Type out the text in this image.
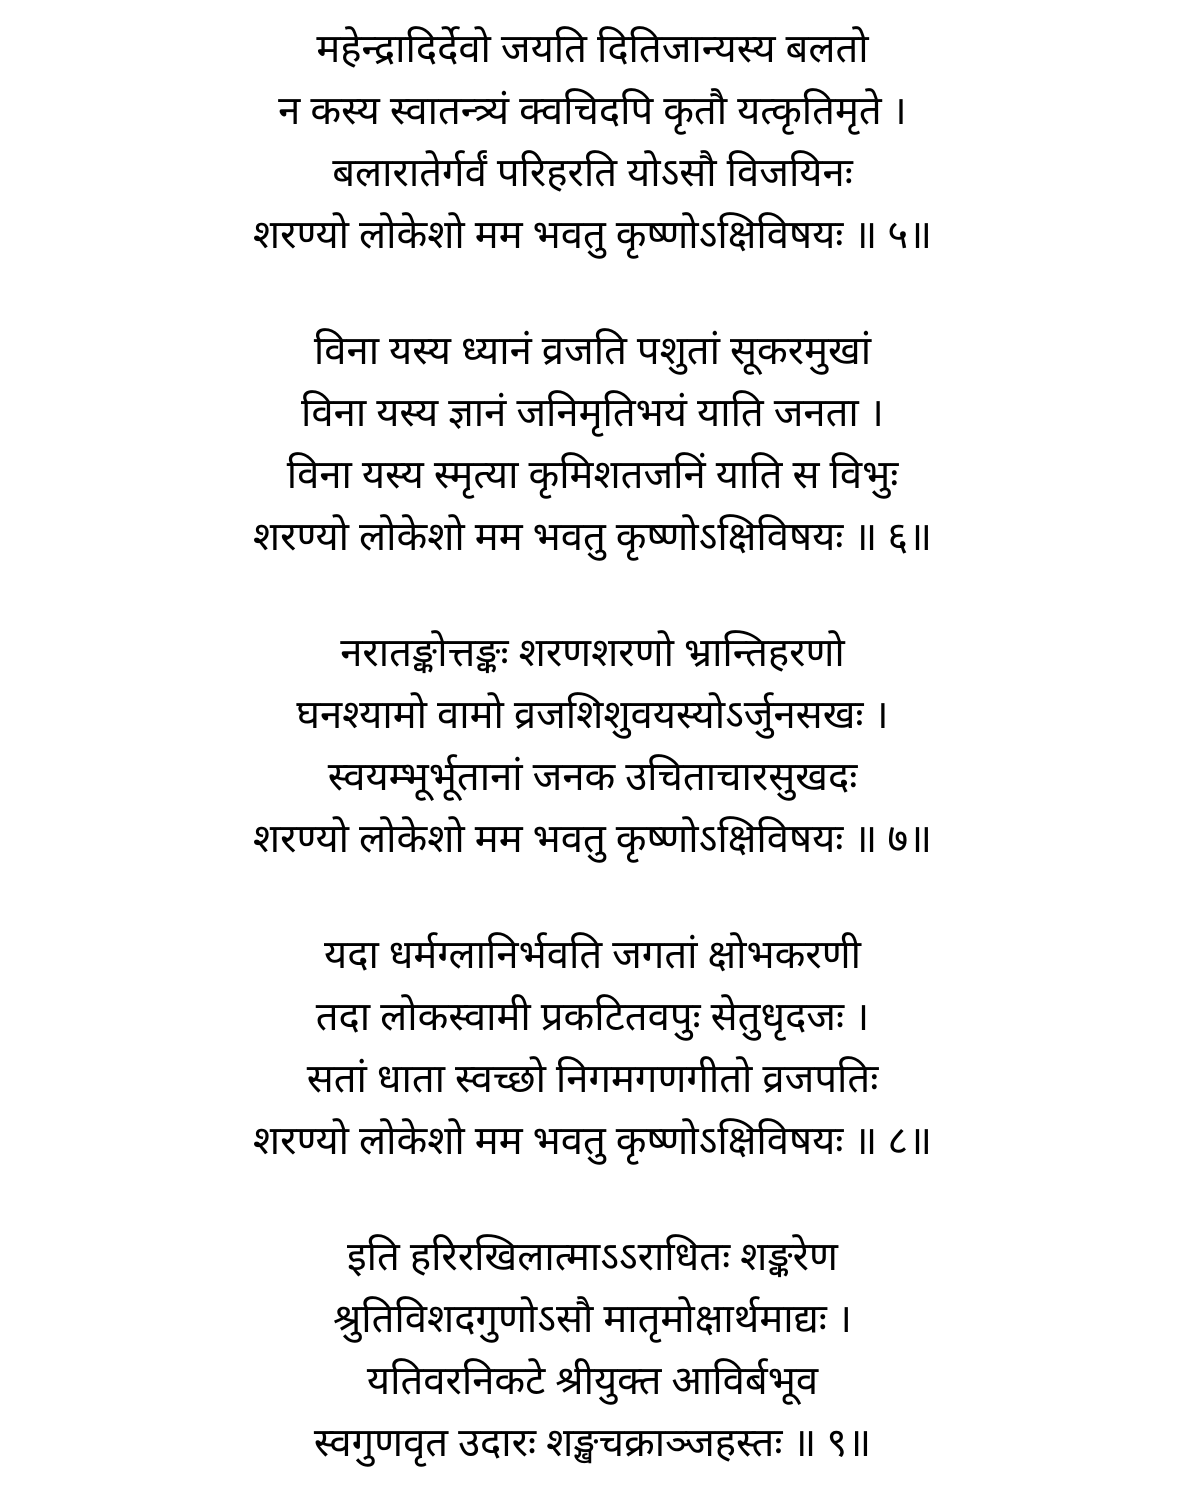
महेन्द्रादिर्देवो जयति दितिजान्यस्य बलतो

न कस्य स्वातन्त्र्यं क्वचिदपि कृतौ यत्कृतिमृते ।

बलारातेर्गर्वं परिहरति योऽसौ विजयिनः

शरण्यो लोकेशो मम भवतु कृष्णोऽक्षिविषयः ॥ ५॥

विना यस्य ध्यानं व्रजति पशुतां सूकरमुखां

विना यस्य ज्ञानं जनिमृतिभयं याति जनता ।

विना यस्य स्मृत्या कृमिशतजनिं याति स विभुः

शरण्यो लोकेशो मम भवतु कृष्णोऽक्षिविषयः ॥ ६॥

नरातङ्कोत्तङ्कः शरणशरणो भ्रान्तिहरणो

घनश्यामो वामो व्रजशिशुवयस्योऽर्जुनसखः ।

स्वयम्भूर्भूतानां जनक उचिताचारसुखदः

शरण्यो लोकेशो मम भवतु कृष्णोऽक्षिविषयः ॥ ७॥

यदा धर्मग्लानिर्भवति जगतां क्षोभकरणी

तदा लोकस्वामी प्रकटितवपुः सेतुधृदजः ।

सतां धाता स्वच्छो निगमगणगीतो व्रजपतिः

शरण्यो लोकेशो मम भवतु कृष्णोऽक्षिविषयः ॥ ८॥

इति हरिरखिलात्माऽऽराधितः शङ्करेण

श्रुतिविशदगुणोऽसौ मातृमोक्षार्थमाद्यः ।

यतिवरनिकटे श्रीयुक्त आविर्बभूव

स्वगुणवृत उदारः शङ्खचक्राञ्जहस्तः ॥ ९॥
